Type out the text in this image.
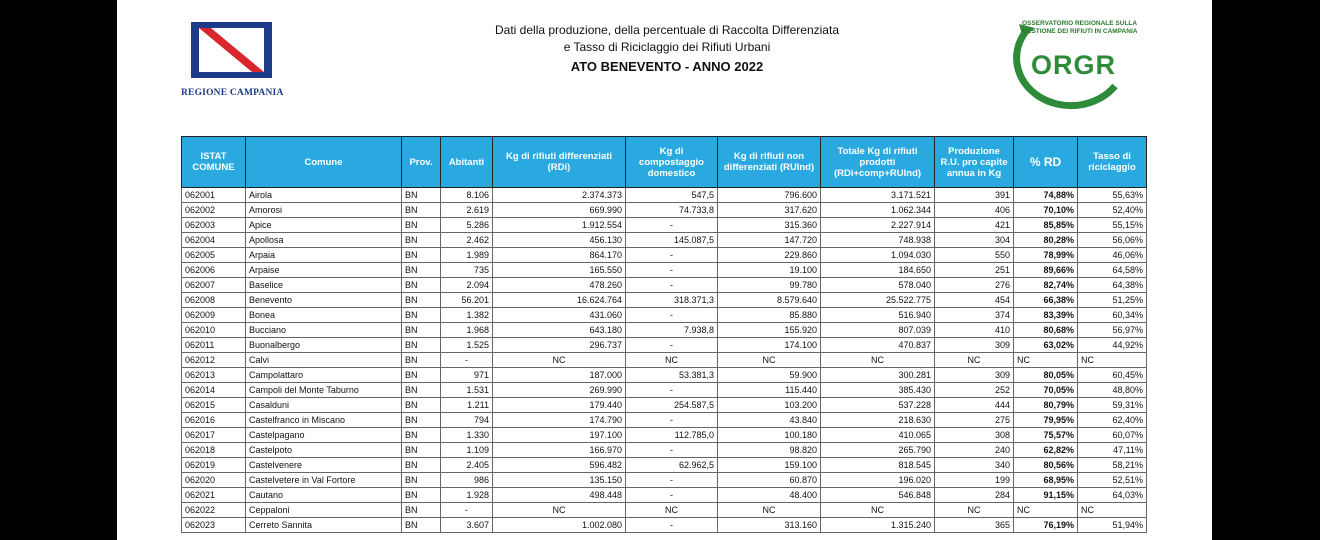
REGIONE CAMPANIA
Dati della produzione, della percentuale di Raccolta Differenziata
e Tasso di Riciclaggio dei Rifiuti Urbani
ATO BENEVENTO - ANNO 2022
OSSERVATORIO REGIONALE SULLA GESTIONE DEI RIFIUTI IN CAMPANIA
ORGR
ISTAT COMUNE	Comune	Prov.	Abitanti	Kg di rifiuti differenziati (RDi)	Kg di compostaggio domestico	Kg di rifiuti non differenziati (RUInd)	Totale Kg di rifiuti prodotti (RDi+comp+RUInd)	Produzione R.U. pro capite annua in Kg	% RD	Tasso di riciclaggio
062001	Airola	BN	8.106	2.374.373	547,5	796.600	3.171.521	391	74,88%	55,63%
062002	Amorosi	BN	2.619	669.990	74.733,8	317.620	1.062.344	406	70,10%	52,40%
062003	Apice	BN	5.286	1.912.554	-	315.360	2.227.914	421	85,85%	55,15%
062004	Apollosa	BN	2.462	456.130	145.087,5	147.720	748.938	304	80,28%	56,06%
062005	Arpaia	BN	1.989	864.170	-	229.860	1.094.030	550	78,99%	46,06%
062006	Arpaise	BN	735	165.550	-	19.100	184.650	251	89,66%	64,58%
062007	Baselice	BN	2.094	478.260	-	99.780	578.040	276	82,74%	64,38%
062008	Benevento	BN	56.201	16.624.764	318.371,3	8.579.640	25.522.775	454	66,38%	51,25%
062009	Bonea	BN	1.382	431.060	-	85.880	516.940	374	83,39%	60,34%
062010	Bucciano	BN	1.968	643.180	7.938,8	155.920	807.039	410	80,68%	56,97%
062011	Buonalbergo	BN	1.525	296.737	-	174.100	470.837	309	63,02%	44,92%
062012	Calvi	BN	-	NC	NC	NC	NC	NC	NC	NC
062013	Campolattaro	BN	971	187.000	53.381,3	59.900	300.281	309	80,05%	60,45%
062014	Campoli del Monte Taburno	BN	1.531	269.990	-	115.440	385.430	252	70,05%	48,80%
062015	Casalduni	BN	1.211	179.440	254.587,5	103.200	537.228	444	80,79%	59,31%
062016	Castelfranco in Miscano	BN	794	174.790	-	43.840	218.630	275	79,95%	62,40%
062017	Castelpagano	BN	1.330	197.100	112.785,0	100.180	410.065	308	75,57%	60,07%
062018	Castelpoto	BN	1.109	166.970	-	98.820	265.790	240	62,82%	47,11%
062019	Castelvenere	BN	2.405	596.482	62.962,5	159.100	818.545	340	80,56%	58,21%
062020	Castelvetere in Val Fortore	BN	986	135.150	-	60.870	196.020	199	68,95%	52,51%
062021	Cautano	BN	1.928	498.448	-	48.400	546.848	284	91,15%	64,03%
062022	Ceppaloni	BN	-	NC	NC	NC	NC	NC	NC	NC
062023	Cerreto Sannita	BN	3.607	1.002.080	-	313.160	1.315.240	365	76,19%	51,94%
